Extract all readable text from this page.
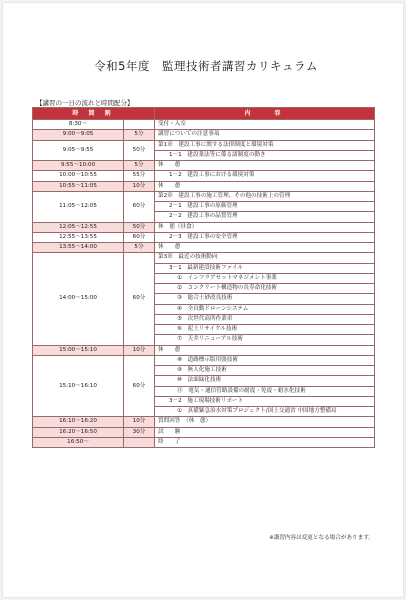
令和5年度　監理技術者講習カリキュラム
【講習の一日の流れと時間配分】
時 間 割		内　　容
8:30～		受付・入室
9:00～9:05	5分	講習についての注意事項
9:05～9:55	50分	第1章　建設工事に関する法律制度と環境対策
		1－1　建設業法等に係る諸制度の動き
9:55～10:00	5分	休　　憩
10:00～10:55	55分	1－2　建設工事における環境対策
10:55～11:05	10分	休　　憩
11:05～12:05	60分	第2章　建設工事の施工管理、その他の技術上の管理
		2－1　建設工事の原価管理
		2－2　建設工事の品質管理
12:05～12:55	50分	休　憩（昼食）
12:55～13:55	60分	2－3　建設工事の安全管理
13:55～14:00	5分	休　　憩
14:00～15:00	60分	第3章　最近の技術動向
		3－1　最新建設技術ファイル
		①　インフラアセットマネジメント事業
		②　コンクリート構造物の長寿命化技術
		③　総合土砂改良技術
		④　全自動ドローンシステム
		⑤　次世代高所作業車
		⑥　泥土リサイクル技術
		⑦　天井リニューアル技術
15:00～15:10	10分	休　　憩
15:10～16:10	60分	⑧　道路標示版用張技術
		⑨　無人化施工技術
		⑩　法面緑化技術
		⑪　電気・通信管路設備の耐震・免震・耐水化技術
		3－2　施工現場技術リポート
		①　真備緊急治水対策プロジェクト/国土交通省 中国地方整備局
16:10～16:20	10分	質問回答　（休　憩）
16:20～16:50	30分	試　　験
16:50～		終　　了
※講習内容は変更となる場合があります。
